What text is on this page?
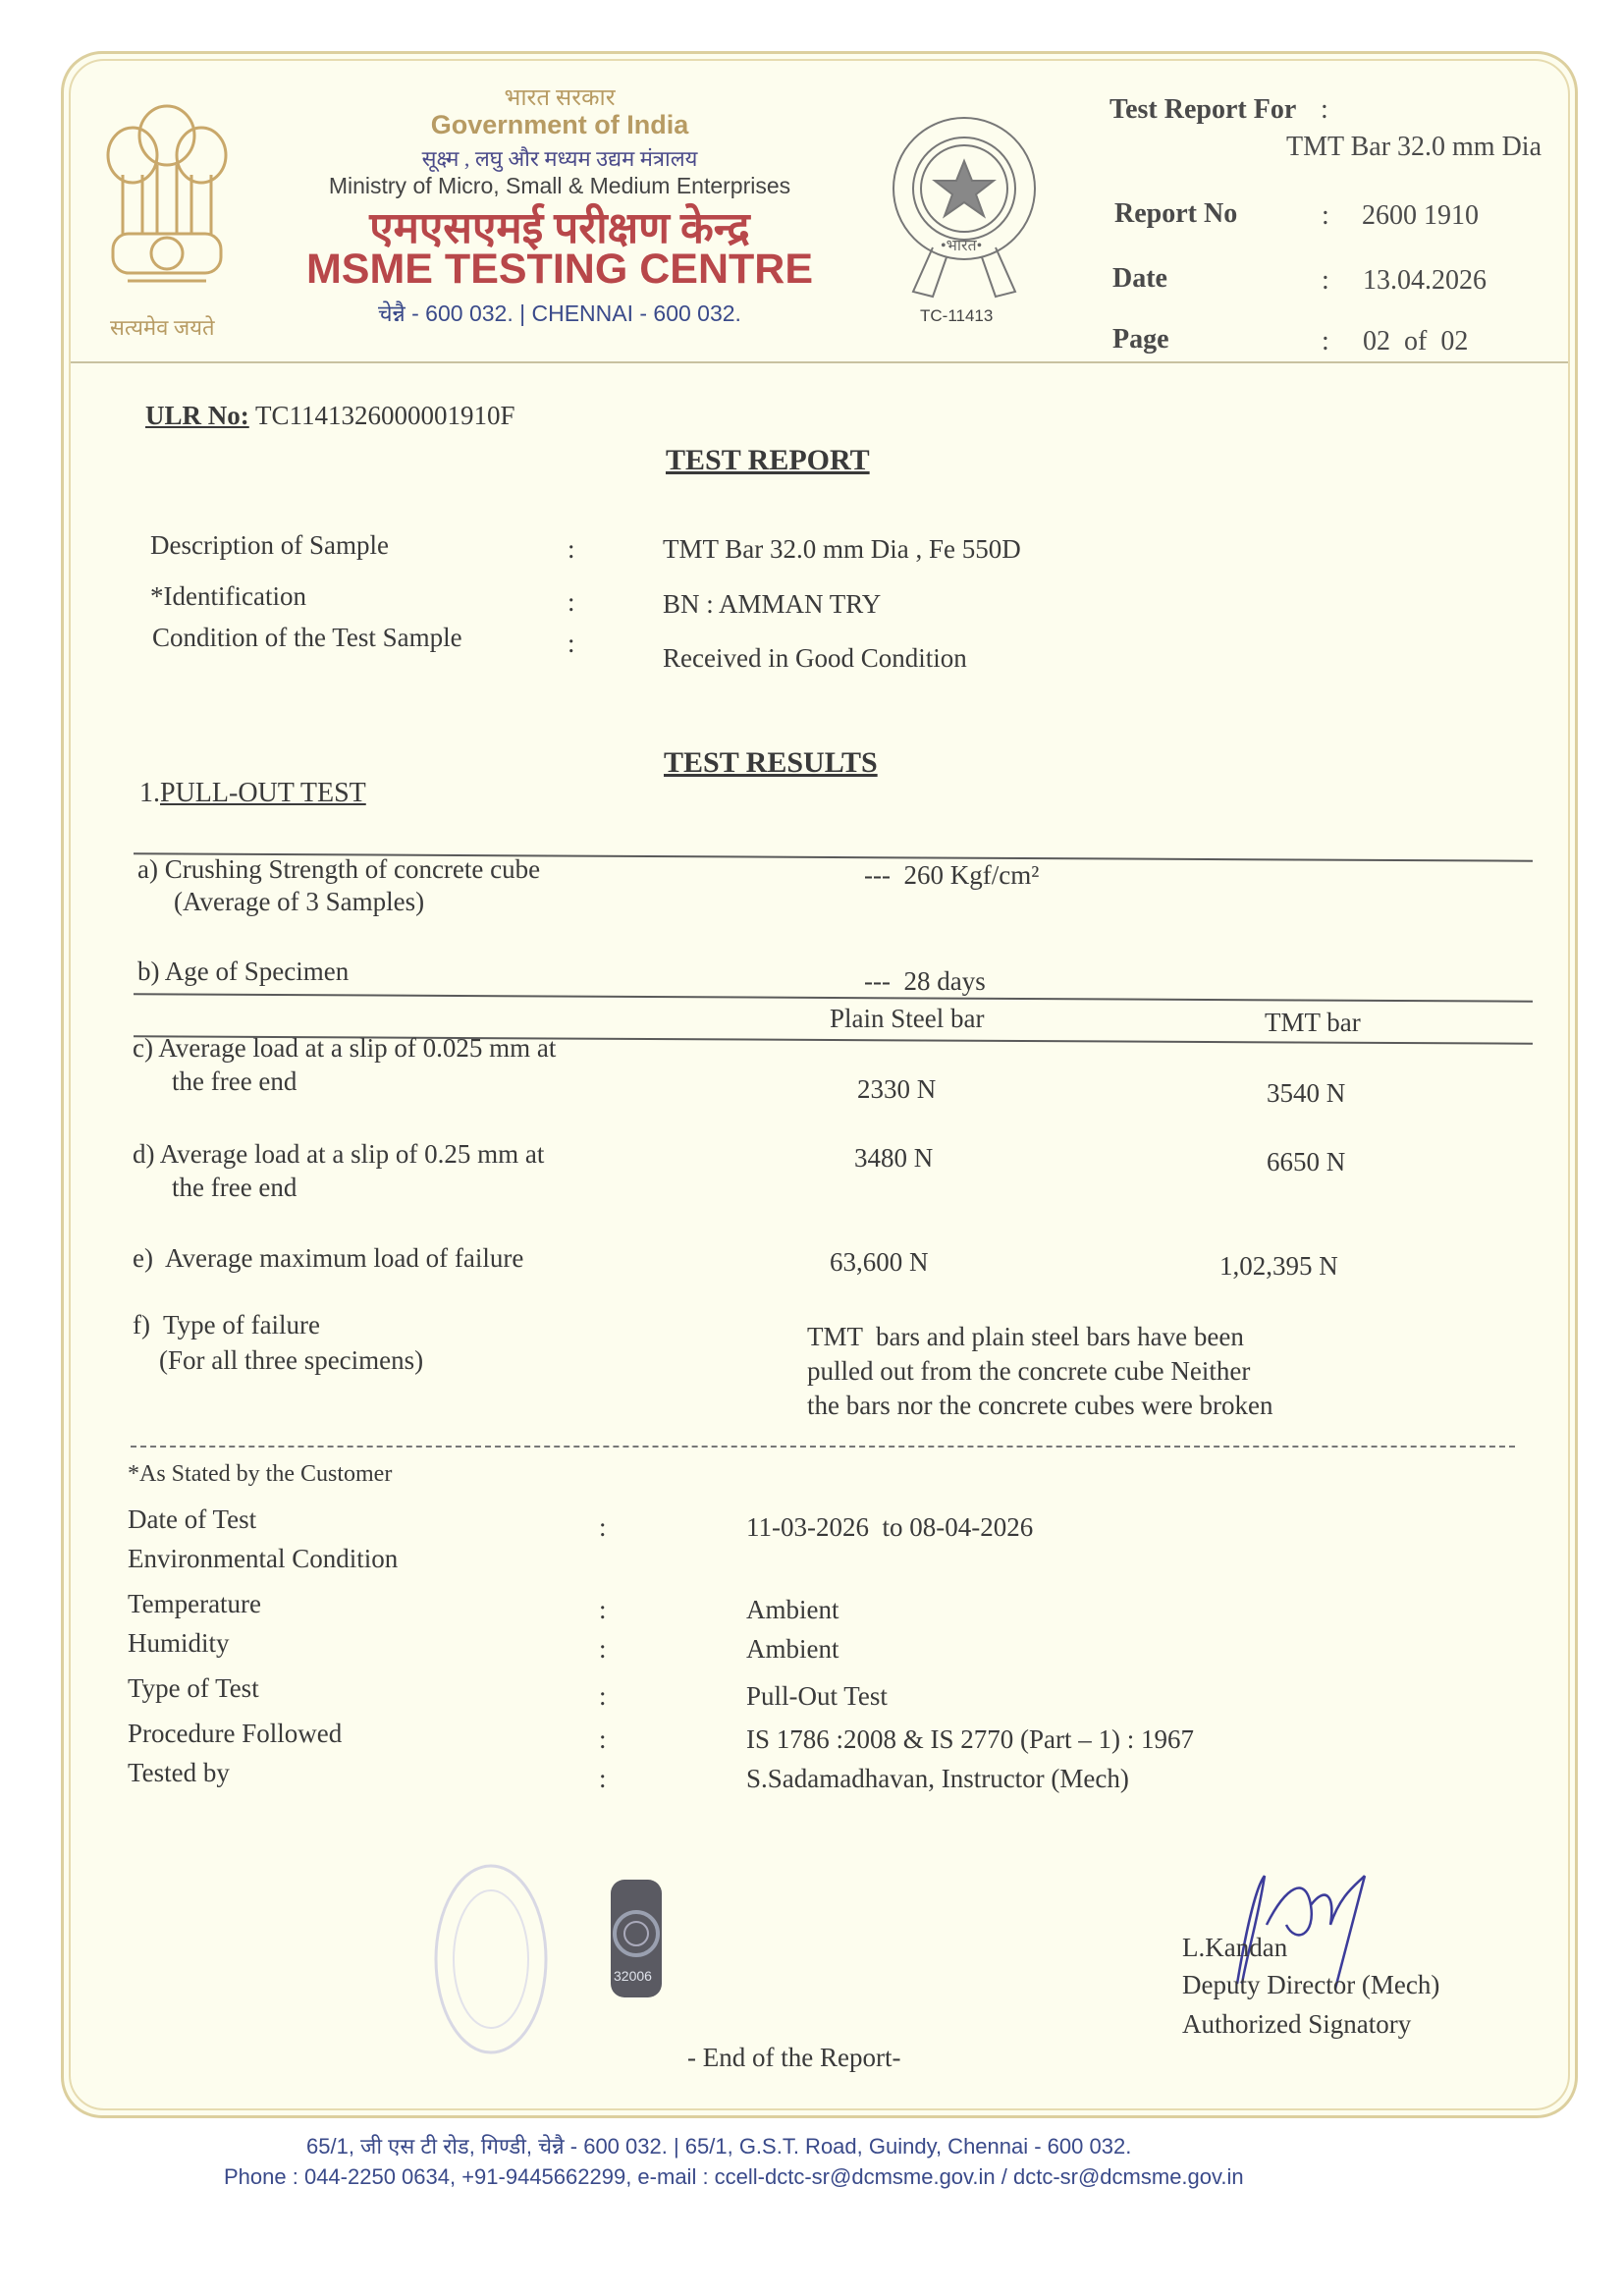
सत्यमेव जयते
भारत सरकार
Government of India
सूक्ष्म , लघु और मध्यम उद्यम मंत्रालय
Ministry of Micro, Small & Medium Enterprises
एमएसएमई परीक्षण केन्द्र
MSME TESTING CENTRE
चेन्नै - 600 032. | CHENNAI - 600 032.
•भारत•
TC-11413
Test Report For :
TMT Bar 32.0 mm Dia
Report No	: 2600 1910
Date	: 13.04.2026
Page	: 02  of  02
ULR No: TC1141326000001910F
TEST REPORT
Description of Sample	:	TMT Bar 32.0 mm Dia , Fe 550D
*Identification	:	BN : AMMAN TRY
Condition of the Test Sample	:	Received in Good Condition
TEST RESULTS
1.PULL-OUT TEST
a) Crushing Strength of concrete cube
(Average of 3 Samples)
---  260 Kgf/cm²
b) Age of Specimen	---  28 days
Plain Steel bar	TMT bar
c) Average load at a slip of 0.025 mm at
the free end	2330 N	3540 N
d) Average load at a slip of 0.25 mm at
the free end
3480 N	6650 N
e)  Average maximum load of failure	63,600 N	1,02,395 N
f)  Type of failure
(For all three specimens)
TMT  bars and plain steel bars have been
pulled out from the concrete cube Neither
the bars nor the concrete cubes were broken
*As Stated by the Customer
Date of Test	:	11-03-2026  to 08-04-2026
Environmental Condition
Temperature	:	Ambient
Humidity	:	Ambient
Type of Test	:	Pull-Out Test
Procedure Followed	:	IS 1786 :2008 & IS 2770 (Part – 1) : 1967
Tested by	:	S.Sadamadhavan, Instructor (Mech)
32006
L.Kandan
Deputy Director (Mech)
Authorized Signatory
- End of the Report-
65/1, जी एस टी रोड, गिण्डी, चेन्नै - 600 032. | 65/1, G.S.T. Road, Guindy, Chennai - 600 032.
Phone : 044-2250 0634, +91-9445662299, e-mail : ccell-dctc-sr@dcmsme.gov.in / dctc-sr@dcmsme.gov.in
